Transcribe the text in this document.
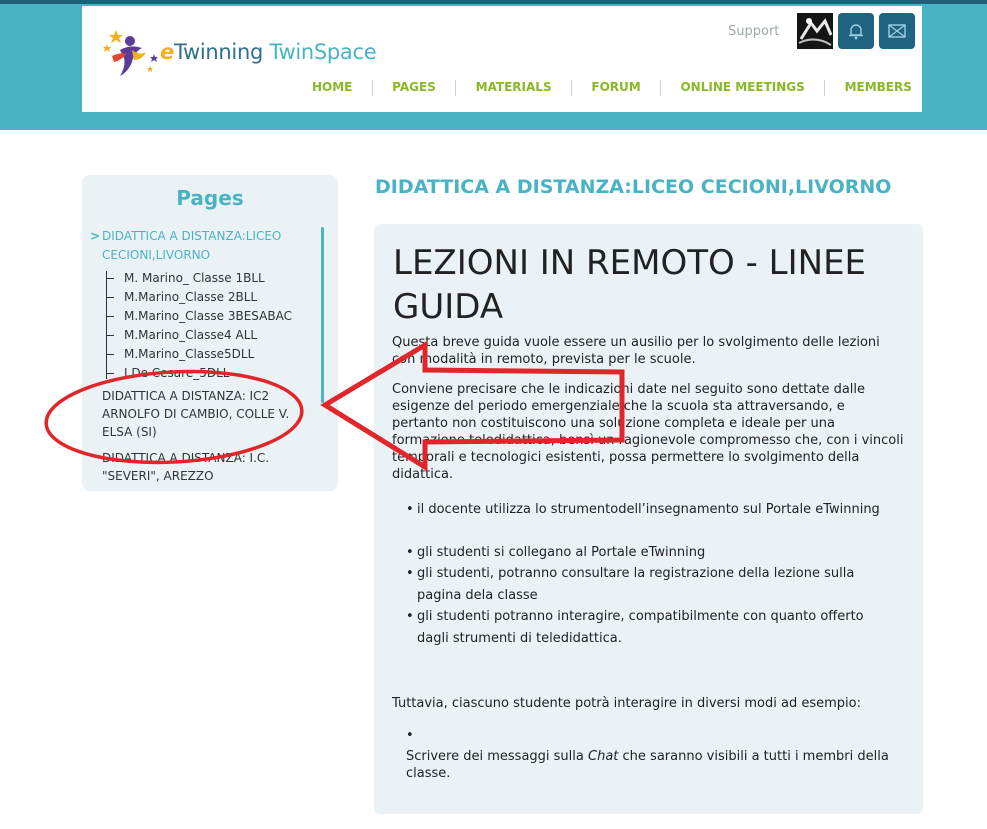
eTwinning TwinSpace
Support
HOME	PAGES	MATERIALS	FORUM	ONLINE MEETINGS	MEMBERS
Pages
> DIDATTICA A DISTANZA:LICEO CECIONI,LIVORNO
M. Marino_ Classe 1BLL
M.Marino_Classe 2BLL
M.Marino_Classe 3BESABAC
M.Marino_Classe4 ALL
M.Marino_Classe5DLL
I.De Cesare_5DLL
DIDATTICA A DISTANZA: IC2 ARNOLFO DI CAMBIO, COLLE V. ELSA (SI)
DIDATTICA A DISTANZA: I.C. "SEVERI", AREZZO
DIDATTICA A DISTANZA:LICEO CECIONI,LIVORNO
LEZIONI IN REMOTO - LINEE GUIDA
Questa breve guida vuole essere un ausilio per lo svolgimento delle lezioni con modalità in remoto, prevista per le scuole.
Conviene precisare che le indicazioni date nel seguito sono dettate dalle esigenze del periodo emergenziale che la scuola sta attraversando, e pertanto non costituiscono una soluzione completa e ideale per una formazione teledidattica, bensì un ragionevole compromesso che, con i vincoli temporali e tecnologici esistenti, possa permettere lo svolgimento della didattica.
• il docente utilizza lo strumentodell’insegnamento sul Portale eTwinning
• gli studenti si collegano al Portale eTwinning
• gli studenti, potranno consultare la registrazione della lezione sulla pagina dela classe
• gli studenti potranno interagire, compatibilmente con quanto offerto dagli strumenti di teledidattica.
Tuttavia, ciascuno studente potrà interagire in diversi modi ad esempio:
•
Scrivere dei messaggi sulla Chat che saranno visibili a tutti i membri della classe.
